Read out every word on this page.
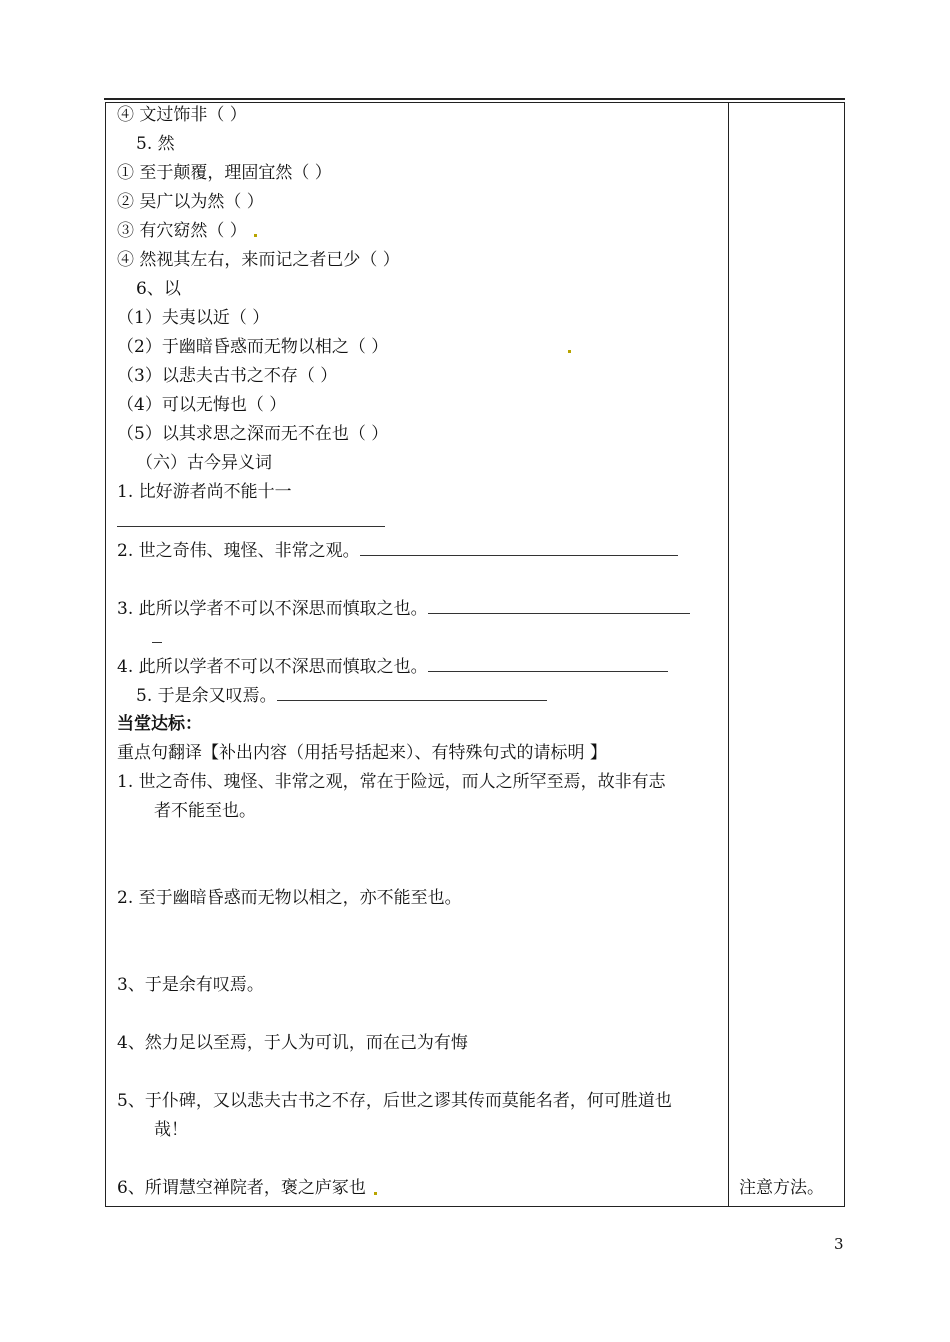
④ 文过饰非（ ）
5. 然
① 至于颠覆，理固宜然（ ）
② 吴广以为然（ ）
③ 有穴窈然（ ）
④ 然视其左右，来而记之者已少（ ）
6、以
（1）夫夷以近（ ）
（2）于幽暗昏惑而无物以相之（ ）
（3）以悲夫古书之不存（ ）
（4）可以无悔也（ ）
（5）以其求思之深而无不在也（ ）
（六）古今异义词
1. 比好游者尚不能十一
2. 世之奇伟、瑰怪、非常之观。
3. 此所以学者不可以不深思而慎取之也。
4. 此所以学者不可以不深思而慎取之也。
5. 于是余又叹焉。
当堂达标：
重点句翻译【补出内容（用括号括起来）、有特殊句式的请标明 】
1. 世之奇伟、瑰怪、非常之观，常在于险远，而人之所罕至焉，故非有志
者不能至也。
2. 至于幽暗昏惑而无物以相之，亦不能至也。
3、于是余有叹焉。
4、然力足以至焉，于人为可讥，而在己为有悔
5、于仆碑，又以悲夫古书之不存，后世之谬其传而莫能名者，何可胜道也
哉！
6、所谓慧空禅院者，褒之庐冢也	注意方法。
3
